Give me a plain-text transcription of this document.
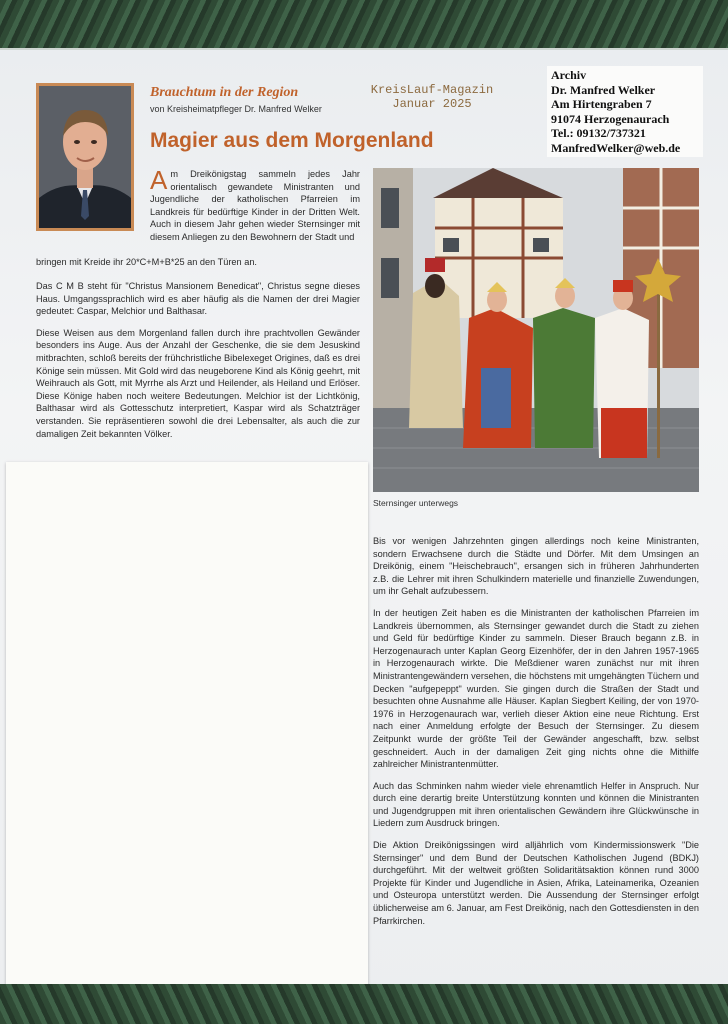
Brauchtum in der Region
von Kreisheimatpfleger Dr. Manfred Welker
KreisLauf-Magazin
Januar 2025
Archiv
Dr. Manfred Welker
Am Hirtengraben 7
91074 Herzogenaurach
Tel.: 09132/737321
ManfredWelker@web.de
Magier aus dem Morgenland
Am Dreikönigstag sammeln jedes Jahr orientalisch gewandete Ministranten und Jugendliche der katholischen Pfarreien im Landkreis für bedürftige Kinder in der Dritten Welt. Auch in diesem Jahr gehen wieder Sternsinger mit diesem Anliegen zu den Bewohnern der Stadt und
bringen mit Kreide ihr 20*C+M+B*25 an den Türen an.

Das C M B steht für "Christus Mansionem Benedicat", Christus segne dieses Haus. Umgangssprachlich wird es aber häufig als die Namen der drei Magier gedeutet: Caspar, Melchior und Balthasar.

Diese Weisen aus dem Morgenland fallen durch ihre prachtvollen Gewänder besonders ins Auge. Aus der Anzahl der Geschenke, die sie dem Jesuskind mitbrachten, schloß bereits der frühchristliche Bibelexeget Origines, daß es drei Könige sein müssen. Mit Gold wird das neugeborene Kind als König geehrt, mit Weihrauch als Gott, mit Myrrhe als Arzt und Heilender, als Heiland und Erlöser. Diese Könige haben noch weitere Bedeutungen. Melchior ist der Lichtkönig, Balthasar wird als Gottesschutz interpretiert, Kaspar wird als Schatzträger verstanden. Sie repräsentieren sowohl die drei Lebensalter, als auch die zur damaligen Zeit bekannten Völker.

Sternsinger unterwegs

Bis vor wenigen Jahrzehnten gingen allerdings noch keine Ministranten, sondern Erwachsene durch die Städte und Dörfer. Mit dem Umsingen an Dreikönig, einem "Heischebrauch", ersangen sich in früheren Jahrhunderten z.B. die Lehrer mit ihren Schulkindern materielle und finanzielle Zuwendungen, um ihr Gehalt aufzubessern.

In der heutigen Zeit haben es die Ministranten der katholischen Pfarreien im Landkreis übernommen, als Sternsinger gewandet durch die Stadt zu ziehen und Geld für bedürftige Kinder zu sammeln. Dieser Brauch begann z.B. in Herzogenaurach unter Kaplan Georg Eizenhöfer, der in den Jahren 1957-1965 in Herzogenaurach wirkte. Die Meßdiener waren zunächst nur mit ihren Ministrantengewändern versehen, die höchstens mit umgehängten Tüchern und Decken "aufgepeppt" wurden. Sie gingen durch die Straßen der Stadt und besuchten ohne Ausnahme alle Häuser. Kaplan Siegbert Keiling, der von 1970-1976 in Herzogenaurach war, verlieh dieser Aktion eine neue Richtung. Erst nach einer Anmeldung erfolgte der Besuch der Sternsinger. Zu diesem Zeitpunkt wurde der größte Teil der Gewänder angeschafft, bzw. selbst geschneidert. Auch in der damaligen Zeit ging nichts ohne die Mithilfe zahlreicher Ministrantenmütter.

Auch das Schminken nahm wieder viele ehrenamtlich Helfer in Anspruch. Nur durch eine derartig breite Unterstützung konnten und können die Ministranten und Jugendgruppen mit ihren orientalischen Gewändern ihre Glückwünsche in Liedern zum Ausdruck bringen.

Die Aktion Dreikönigssingen wird alljährlich vom Kindermissionswerk "Die Sternsinger" und dem Bund der Deutschen Katholischen Jugend (BDKJ) durchgeführt. Mit der weltweit größten Solidaritätsaktion können rund 3000 Projekte für Kinder und Jugendliche in Asien, Afrika, Lateinamerika, Ozeanien und Osteuropa unterstützt werden. Die Aussendung der Sternsinger erfolgt üblicherweise am 6. Januar, am Fest Dreikönig, nach den Gottesdiensten in den Pfarrkirchen.
